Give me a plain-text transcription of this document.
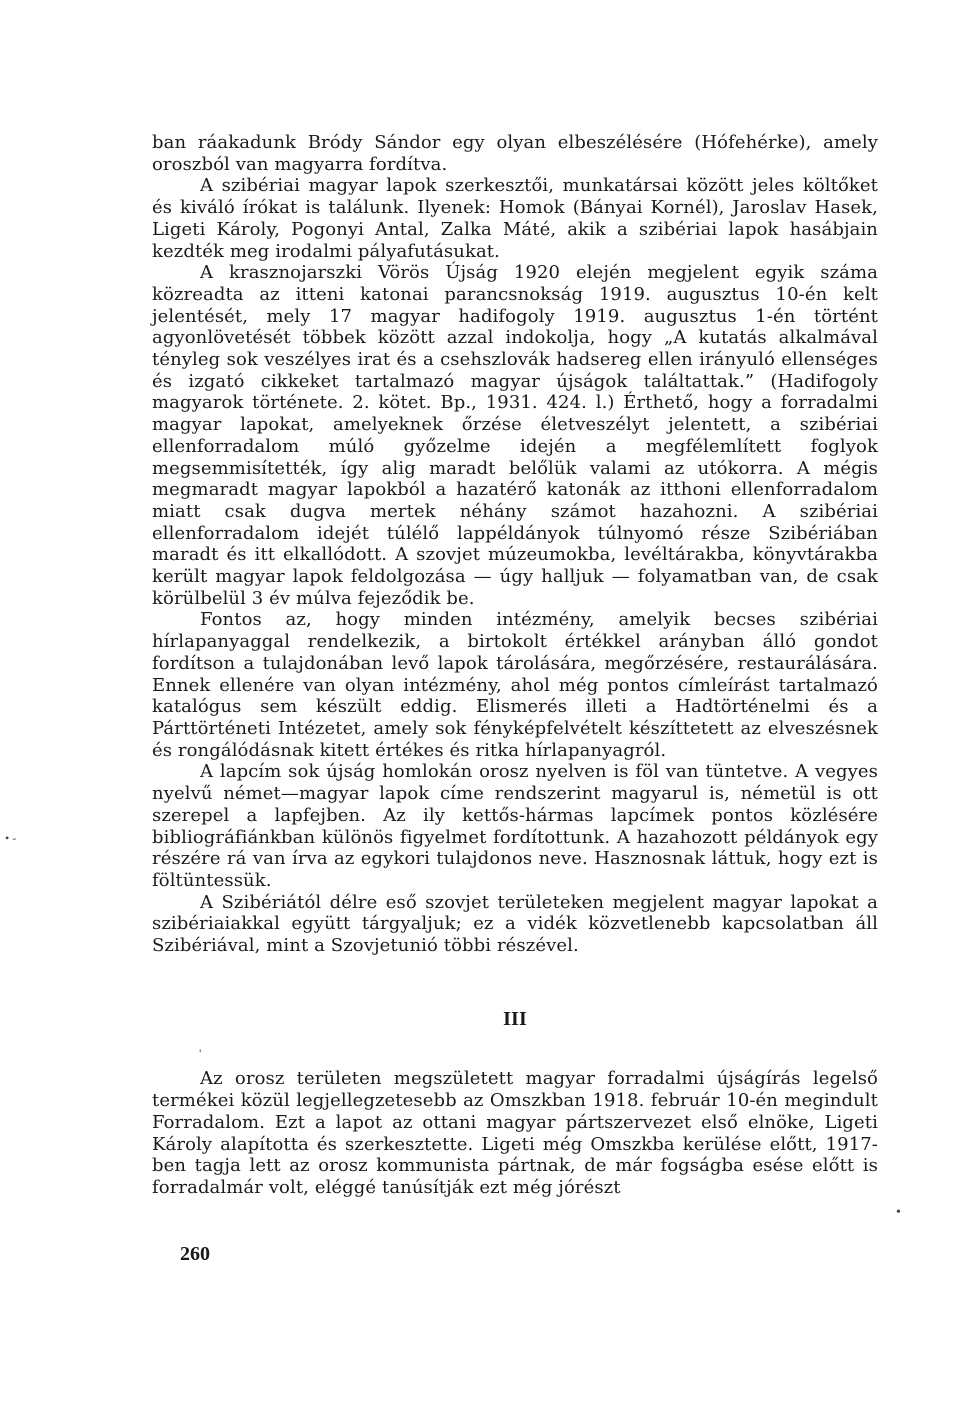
ban ráakadunk Bródy Sándor egy olyan elbeszélésére (Hófehérke), amely oroszból van magyarra fordítva.

A szibériai magyar lapok szerkesztői, munkatársai között jeles költőket és kiváló írókat is találunk. Ilyenek: Homok (Bányai Kornél), Jaroslav Hasek, Ligeti Károly, Pogonyi Antal, Zalka Máté, akik a szibériai lapok hasábjain kezdték meg irodalmi pályafutásukat.

A krasznojarszki Vörös Újság 1920 elején megjelent egyik száma közreadta az itteni katonai parancsnokság 1919. augusztus 10-én kelt jelentését, mely 17 magyar hadifogoly 1919. augusztus 1-én történt agyonlövetését többek között azzal indokolja, hogy „A kutatás alkalmával tényleg sok veszélyes irat és a csehszlovák hadsereg ellen irányuló ellenséges és izgató cikkeket tartalmazó magyar újságok találtattak.” (Hadifogoly magyarok története. 2. kötet. Bp., 1931. 424. l.) Érthető, hogy a forradalmi magyar lapokat, amelyeknek őrzése életveszélyt jelentett, a szibériai ellenforradalom múló győzelme idején a megfélemlített foglyok megsemmisítették, így alig maradt belőlük valami az utókorra. A mégis megmaradt magyar lapokból a hazatérő katonák az itthoni ellenforradalom miatt csak dugva mertek néhány számot hazahozni. A szibériai ellenforradalom idejét túlélő lappéldányok túlnyomó része Szibériában maradt és itt elkallódott. A szovjet múzeumokba, levéltárakba, könyvtárakba került magyar lapok feldolgozása — úgy halljuk — folyamatban van, de csak körülbelül 3 év múlva fejeződik be.

Fontos az, hogy minden intézmény, amelyik becses szibériai hírlapanyaggal rendelkezik, a birtokolt értékkel arányban álló gondot fordítson a tulajdonában levő lapok tárolására, megőrzésére, restaurálására. Ennek ellenére van olyan intézmény, ahol még pontos címleírást tartalmazó katalógus sem készült eddig. Elismerés illeti a Hadtörténelmi és a Párttörténeti Intézetet, amely sok fényképfelvételt készíttetett az elveszésnek és rongálódásnak kitett értékes és ritka hírlapanyagról.

A lapcím sok újság homlokán orosz nyelven is föl van tüntetve. A vegyes nyelvű német—magyar lapok címe rendszerint magyarul is, németül is ott szerepel a lapfejben. Az ily kettős-hármas lapcímek pontos közlésére bibliográfiánkban különös figyelmet fordítottunk. A hazahozott példányok egy részére rá van írva az egykori tulajdonos neve. Hasznosnak láttuk, hogy ezt is föltüntessük.

A Szibériától délre eső szovjet területeken megjelent magyar lapokat a szibériaiakkal együtt tárgyaljuk; ez a vidék közvetlenebb kapcsolatban áll Szibériával, mint a Szovjetunió többi részével.

III

Az orosz területen megszületett magyar forradalmi újságírás legelső termékei közül legjellegzetesebb az Omszkban 1918. február 10-én megindult Forradalom. Ezt a lapot az ottani magyar pártszervezet első elnöke, Ligeti Károly alapította és szerkesztette. Ligeti még Omszkba kerülése előtt, 1917-ben tagja lett az orosz kommunista pártnak, de már fogságba esése előtt is forradalmár volt, eléggé tanúsítják ezt még jórészt

260
•
'
• -
